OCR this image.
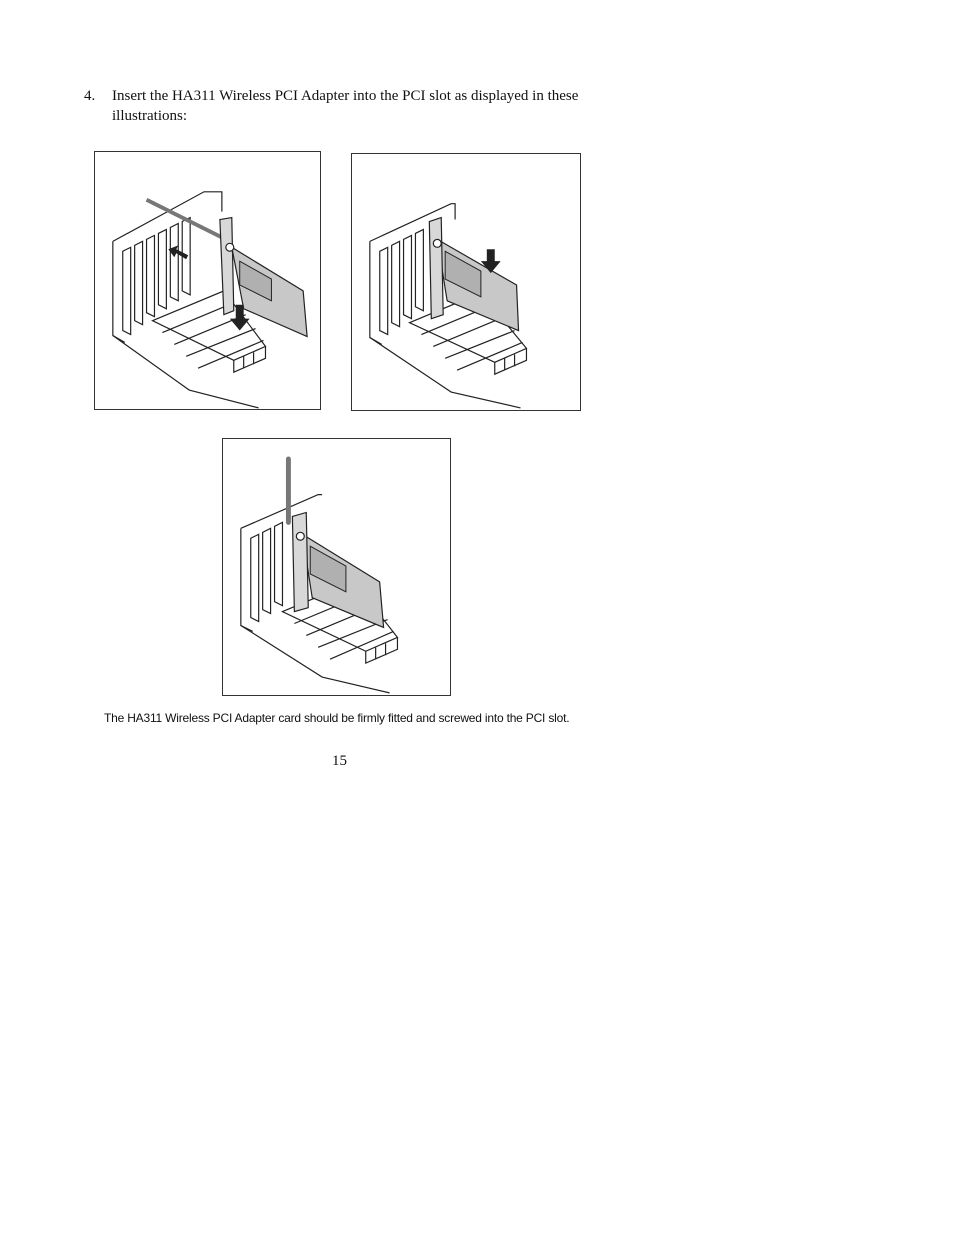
4. Insert the HA311 Wireless PCI Adapter into the PCI slot as displayed in these illustrations:
The HA311 Wireless PCI Adapter card should be firmly fitted and screwed into the PCI slot.
15
